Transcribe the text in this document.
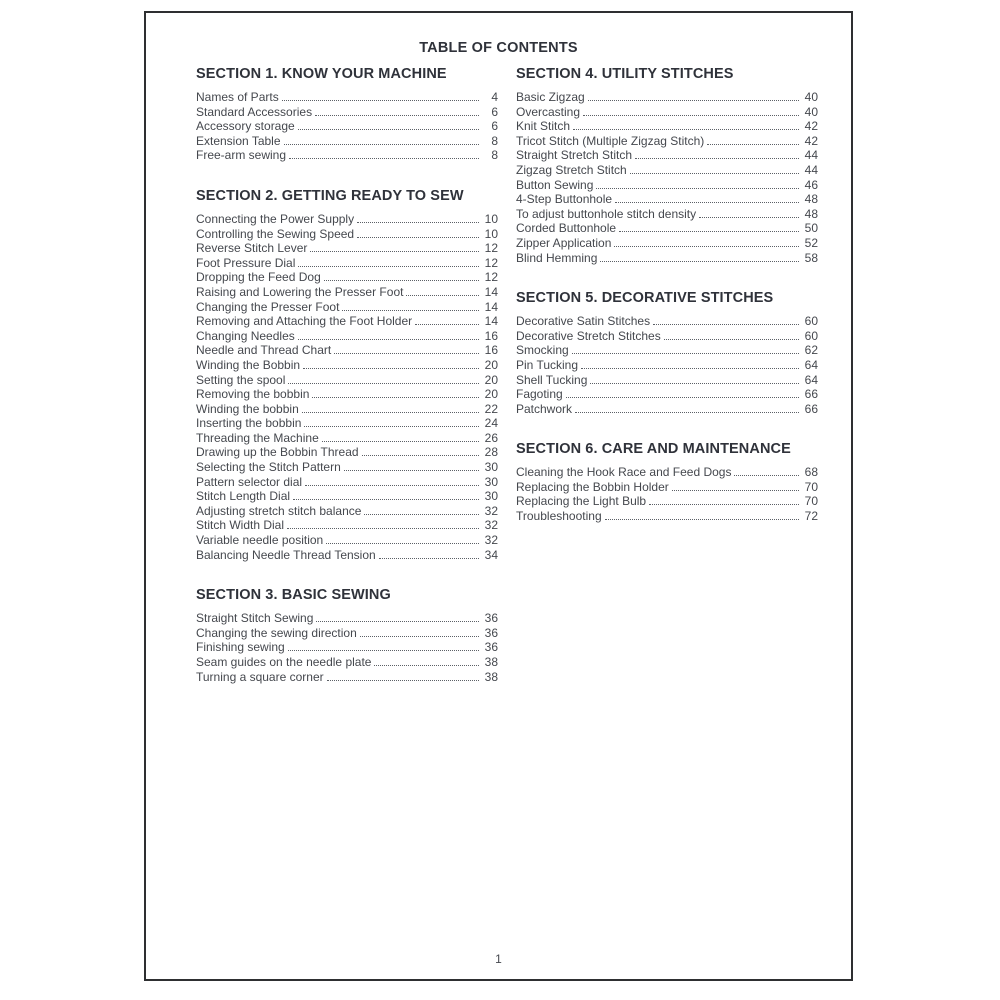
TABLE OF CONTENTS
SECTION 1. KNOW YOUR MACHINE
Names of Parts	4
Standard Accessories	6
Accessory storage	6
Extension Table	8
Free-arm sewing	8
SECTION 2. GETTING READY TO SEW
Connecting the Power Supply	10
Controlling the Sewing Speed	10
Reverse Stitch Lever	12
Foot Pressure Dial	12
Dropping the Feed Dog	12
Raising and Lowering the Presser Foot	14
Changing the Presser Foot	14
Removing and Attaching the Foot Holder	14
Changing Needles	16
Needle and Thread Chart	16
Winding the Bobbin	20
Setting the spool	20
Removing the bobbin	20
Winding the bobbin	22
Inserting the bobbin	24
Threading the Machine	26
Drawing up the Bobbin Thread	28
Selecting the Stitch Pattern	30
Pattern selector dial	30
Stitch Length Dial	30
Adjusting stretch stitch balance	32
Stitch Width Dial	32
Variable needle position	32
Balancing Needle Thread Tension	34
SECTION 3. BASIC SEWING
Straight Stitch Sewing	36
Changing the sewing direction	36
Finishing sewing	36
Seam guides on the needle plate	38
Turning a square corner	38
SECTION 4. UTILITY STITCHES
Basic Zigzag	40
Overcasting	40
Knit Stitch	42
Tricot Stitch (Multiple Zigzag Stitch)	42
Straight Stretch Stitch	44
Zigzag Stretch Stitch	44
Button Sewing	46
4-Step Buttonhole	48
To adjust buttonhole stitch density	48
Corded Buttonhole	50
Zipper Application	52
Blind Hemming	58
SECTION 5. DECORATIVE STITCHES
Decorative Satin Stitches	60
Decorative Stretch Stitches	60
Smocking	62
Pin Tucking	64
Shell Tucking	64
Fagoting	66
Patchwork	66
SECTION 6. CARE AND MAINTENANCE
Cleaning the Hook Race and Feed Dogs	68
Replacing the Bobbin Holder	70
Replacing the Light Bulb	70
Troubleshooting	72
1
